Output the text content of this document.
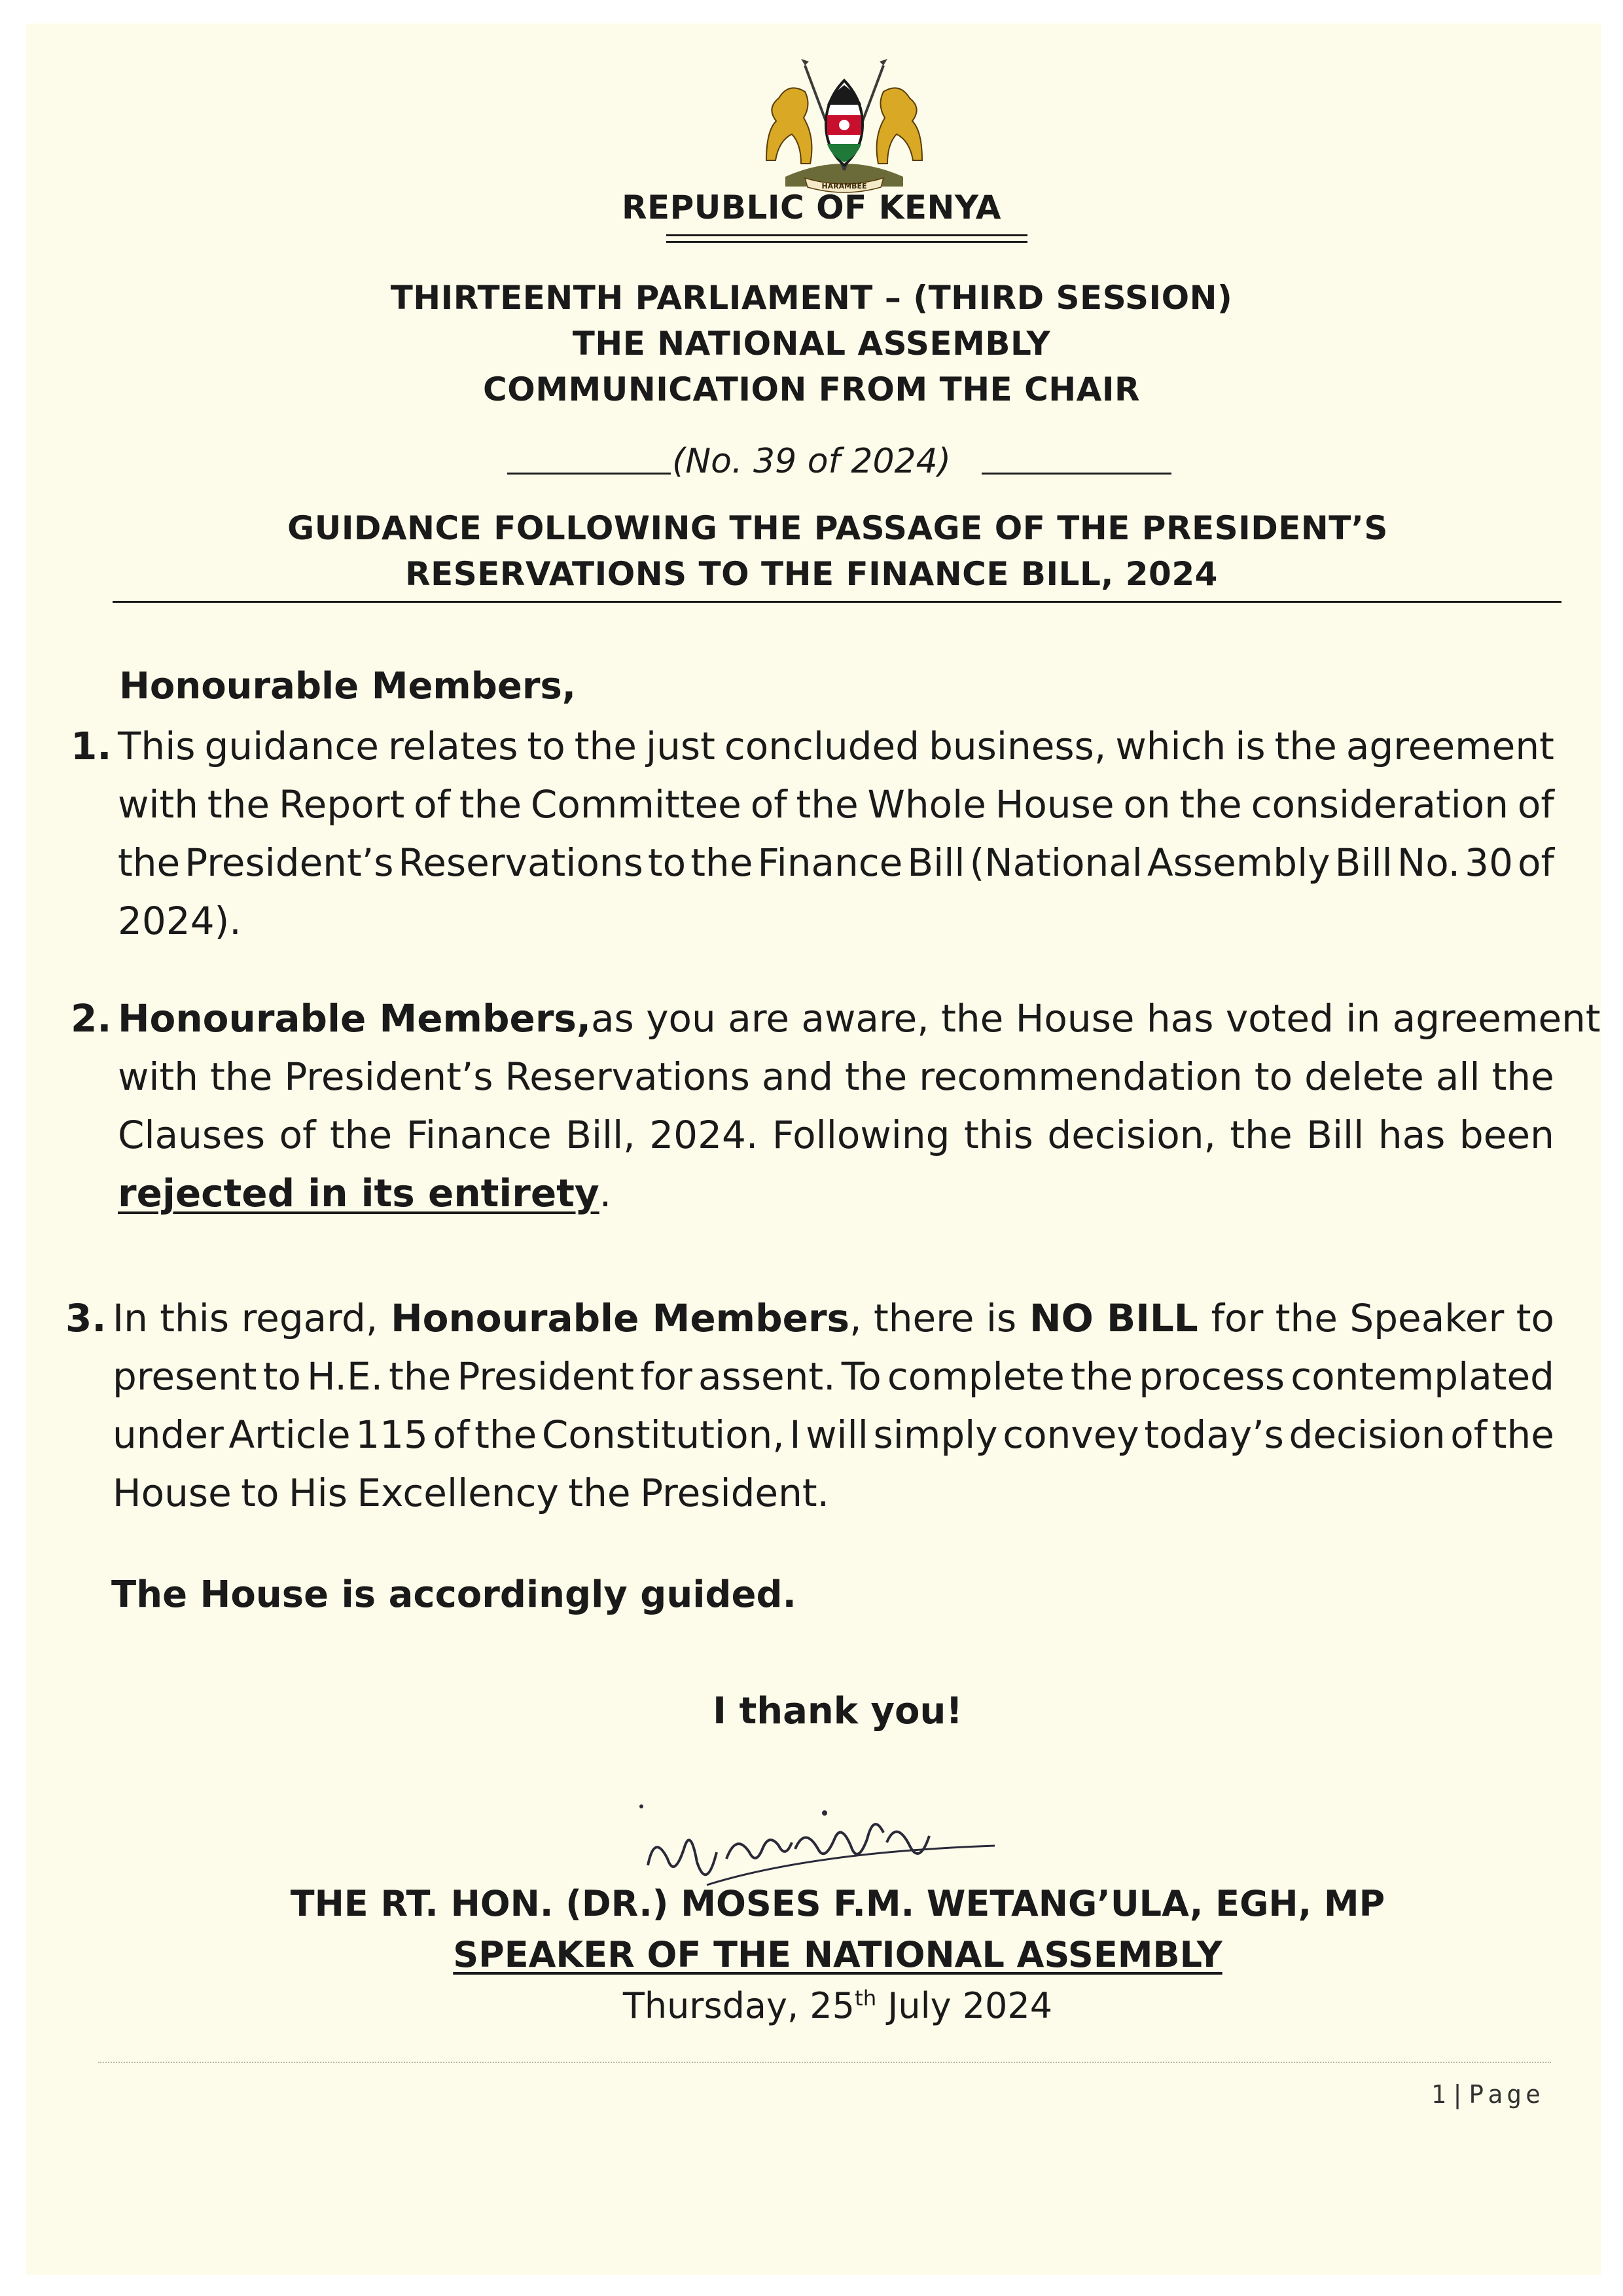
HARAMBEE
REPUBLIC OF KENYA
THIRTEENTH PARLIAMENT – (THIRD SESSION)
THE NATIONAL ASSEMBLY
COMMUNICATION FROM THE CHAIR
(No. 39 of 2024)
GUIDANCE FOLLOWING THE PASSAGE OF THE PRESIDENT’S
RESERVATIONS TO THE FINANCE BILL, 2024
Honourable Members,
1. This guidance relates to the just concluded business, which is the agreement
with the Report of the Committee of the Whole House on the consideration of
the President’s Reservations to the Finance Bill (National Assembly Bill No. 30 of
2024).
2. Honourable Members, as you are aware, the House has voted in agreement
with the President’s Reservations and the recommendation to delete all the
Clauses of the Finance Bill, 2024. Following this decision, the Bill has been
rejected in its entirety .
3. In this regard, Honourable Members, there is NO BILL for the Speaker to
present to H.E. the President for assent. To complete the process contemplated
under Article 115 of the Constitution, I will simply convey today’s decision of the
House to His Excellency the President.
The House is accordingly guided.
I thank you!
THE RT. HON. (DR.) MOSES F.M. WETANG’ULA, EGH, MP
SPEAKER OF THE NATIONAL ASSEMBLY
Thursday, 25th July 2024
1|Page
